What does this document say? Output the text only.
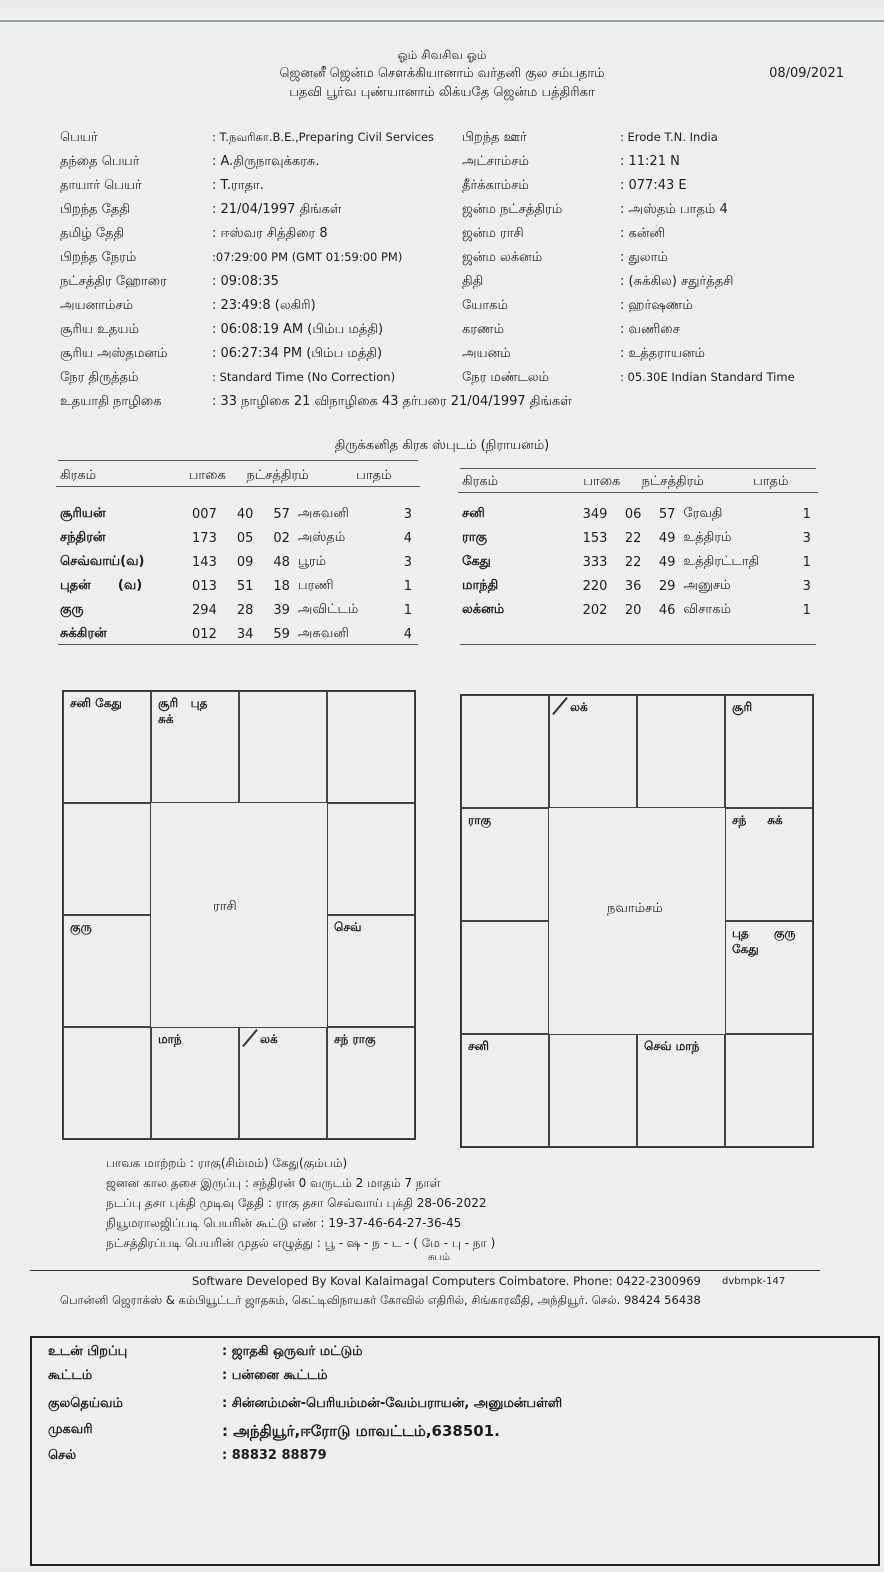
ஓம் சிவசிவ ஓம்
ஜெனனீ ஜென்ம சௌக்கியானாம் வர்தனி குல சம்பதாம்
பதவி பூர்வ புண்யானாம் லிக்யதே ஜென்ம பத்திரிகா
08/09/2021
பெயர்	: T.நவரிகா.B.E.,Preparing Civil Services
தந்தை பெயர்	: A.திருநாவுக்கரசு.
தாயார் பெயர்	: T.ராதா.
பிறந்த தேதி	: 21/04/1997 திங்கள்
தமிழ் தேதி	: ஈஸ்வர சித்திரை 8
பிறந்த நேரம்	:07:29:00 PM (GMT 01:59:00 PM)
நட்சத்திர ஹோரை	: 09:08:35
அயனாம்சம்	: 23:49:8 (லகிரி)
சூரிய உதயம்	: 06:08:19 AM (பிம்ப மத்தி)
சூரிய அஸ்தமனம்	: 06:27:34 PM (பிம்ப மத்தி)
நேர திருத்தம்	: Standard Time (No Correction)
உதயாதி நாழிகை	: 33 நாழிகை 21 விநாழிகை 43 தர்பரை 21/04/1997 திங்கள்
பிறந்த ஊர்	: Erode T.N. India
அட்சாம்சம்	: 11:21 N
தீர்க்காம்சம்	: 077:43 E
ஜன்ம நட்சத்திரம்	: அஸ்தம் பாதம் 4
ஜன்ம ராசி	: கன்னி
ஜன்ம லக்னம்	: துலாம்
திதி	: (சுக்கில) சதுர்த்தசி
யோகம்	: ஹர்ஷணம்
கரணம்	: வணிசை
அயனம்	: உத்தராயனம்
நேர மண்டலம்	: 05.30E Indian Standard Time
திருக்கனித கிரக ஸ்புடம் (நிராயனம்)
கிரகம்	பாகை	நட்சத்திரம்	பாதம்
சூரியன்	007	40	57	அசுவனி	3
சந்திரன்	173	05	02	அஸ்தம்	4
செவ்வாய்(வ)	143	09	48	பூரம்	3
புதன்      (வ)	013	51	18	பரணி	1
குரு	294	28	39	அவிட்டம்	1
சுக்கிரன்	012	34	59	அசுவனி	4
கிரகம்	பாகை	நட்சத்திரம்	பாதம்
சனி	349	06	57	ரேவதி	1
ராகு	153	22	49	உத்திரம்	3
கேது	333	22	49	உத்திரட்டாதி	1
மாந்தி	220	36	29	அனுசம்	3
லக்னம்	202	20	46	விசாகம்	1
சனி கேது	சூரி   புத
சுக்
குரு	செவ்
மாந்	லக்	சந் ராகு
ராசி
லக்	சூரி
ராகு	சந்     சுக்
புத      குரு
கேது
சனி	செவ் மாந்
நவாம்சம்
பாவக மாற்றம் : ராகு(சிம்மம்) கேது(கும்பம்)
ஜனன கால தசை இருப்பு : சந்திரன் 0 வருடம் 2 மாதம் 7 நாள்
நடப்பு தசா புக்தி முடிவு தேதி : ராகு தசா செவ்வாய் புக்தி 28-06-2022
நியூமராலஜிப்படி பெயரின் கூட்டு எண் : 19-37-46-64-27-36-45
நட்சத்திரப்படி பெயரின் முதல் எழுத்து : பூ - ஷ - ந - ட - ( மே - பு - நா )
சுபம்
Software Developed By Koval Kalaimagal Computers Coimbatore. Phone: 0422-2300969 dvbmpk-147
பொன்னி ஜெராக்ஸ் & கம்பியூட்டர் ஜாதகம், கெட்டிவிநாயகர் கோவில் எதிரில், சிங்காரவீதி, அந்தியூர். செல். 98424 56438
உடன் பிறப்பு	: ஜாதகி ஒருவர் மட்டும்
கூட்டம்	: பன்னை கூட்டம்
குலதெய்வம்	: சின்னம்மன்-பெரியம்மன்-வேம்பராயன், அனுமன்பள்ளி
முகவரி	: அந்தியூர்,ஈரோடு மாவட்டம்,638501.
செல்	: 88832 88879
